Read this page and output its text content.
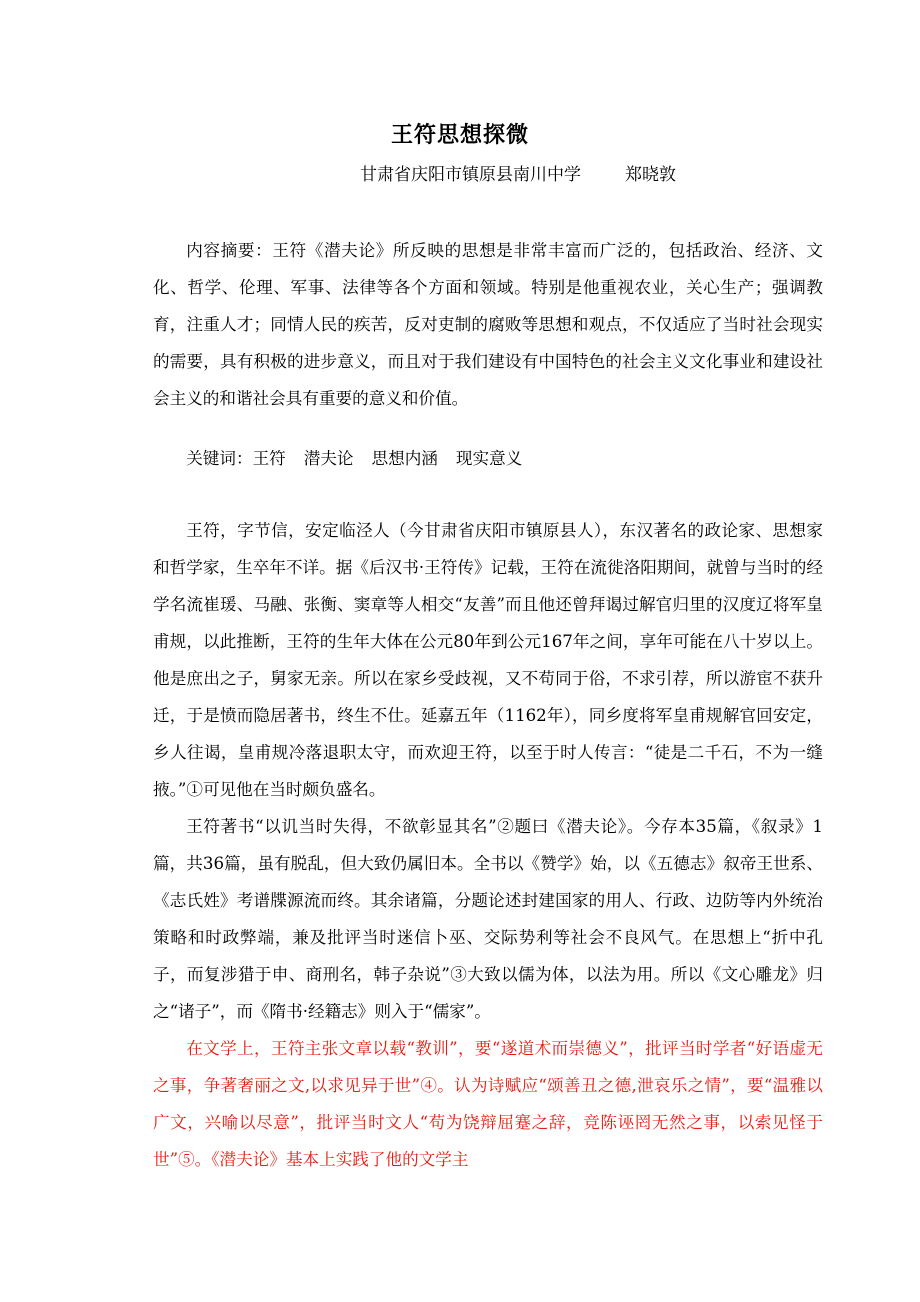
王符思想探微
甘肃省庆阳市镇原县南川中学	郑晓敦

内容摘要：王符《潜夫论》所反映的思想是非常丰富而广泛的，包括政治、经济、文化、哲学、伦理、军事、法律等各个方面和领域。特别是他重视农业，关心生产；强调教育，注重人才；同情人民的疾苦，反对吏制的腐败等思想和观点，不仅适应了当时社会现实的需要，具有积极的进步意义，而且对于我们建设有中国特色的社会主义文化事业和建设社会主义的和谐社会具有重要的意义和价值。

关键词：王符 潜夫论 思想内涵 现实意义

王符，字节信，安定临泾人（今甘肃省庆阳市镇原县人），东汉著名的政论家、思想家和哲学家，生卒年不详。据《后汉书·王符传》记载，王符在流徙洛阳期间，就曾与当时的经学名流崔瑗、马融、张衡、窦章等人相交“友善”而且他还曾拜谒过解官归里的汉度辽将军皇甫规，以此推断，王符的生年大体在公元80年到公元167年之间，享年可能在八十岁以上。他是庶出之子，舅家无亲。所以在家乡受歧视，又不苟同于俗，不求引荐，所以游宦不获升迁，于是愤而隐居著书，终生不仕。延嘉五年（1162年），同乡度将军皇甫规解官回安定，乡人往谒，皇甫规冷落退职太守，而欢迎王符，以至于时人传言：“徒是二千石，不为一缝掖。”①可见他在当时颇负盛名。

王符著书“以讥当时失得，不欲彰显其名”②题曰《潜夫论》。今存本35篇，《叙录》1篇，共36篇，虽有脱乱，但大致仍属旧本。全书以《赞学》始，以《五德志》叙帝王世系、《志氏姓》考谱牒源流而终。其余诸篇，分题论述封建国家的用人、行政、边防等内外统治策略和时政弊端，兼及批评当时迷信卜巫、交际势利等社会不良风气。在思想上“折中孔子，而复涉猎于申、商刑名，韩子杂说”③大致以儒为体，以法为用。所以《文心雕龙》归之“诸子”，而《隋书·经籍志》则入于“儒家”。

在文学上，王符主张文章以载“教训”，要“遂道术而崇德义”，批评当时学者“好语虚无之事，争著奢丽之文,以求见异于世”④。认为诗赋应“颂善丑之德,泄哀乐之情”，要“温雅以广文，兴喻以尽意”，批评当时文人“苟为饶辩屈蹇之辞，竞陈诬罔无然之事，以索见怪于世”⑤。《潜夫论》基本上实践了他的文学主
